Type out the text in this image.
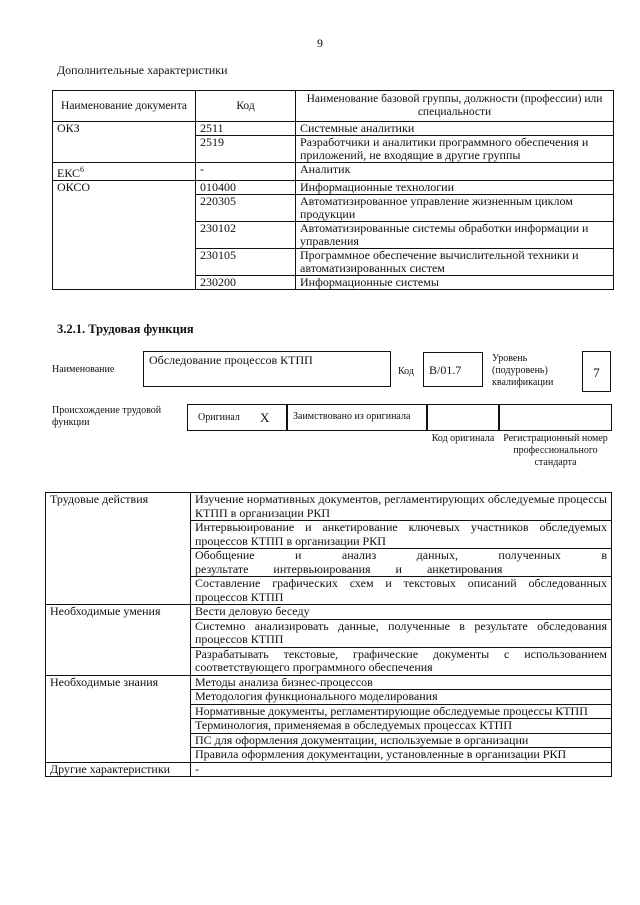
9
Дополнительные характеристики
Наименование документа	Код	Наименование базовой группы, должности (профессии) или специальности
ОКЗ	2511	Системные аналитики
	2519	Разработчики и аналитики программного обеспечения и приложений, не входящие в другие группы
ЕКС$^6$	-	Аналитик
ОКСО	010400	Информационные технологии
	220305	Автоматизированное управление жизненным циклом продукции
	230102	Автоматизированные системы обработки информации и управления
	230105	Программное обеспечение вычислительной техники и автоматизированных систем
	230200	Информационные системы
3.2.1. Трудовая функция
Наименование
Обследование процессов КТПП
Код	B/01.7
Уровень (подуровень) квалификации
7
Происхождение трудовой функции	Оригинал X	Заимствовано из оригинала
Код оригинала Регистрационный номер профессионального стандарта
Трудовые действия	Изучение нормативных документов, регламентирующих обследуемые процессы КТПП в организации РКП
	Интервьюирование и анкетирование ключевых участников обследуемых процессов КТПП в организации РКП
	Обобщение и анализ данных, полученных в результате интервьюирования и анкетирования
	Составление графических схем и текстовых описаний обследованных процессов КТПП
Необходимые умения	Вести деловую беседу
	Системно анализировать данные, полученные в результате обследования процессов КТПП
	Разрабатывать текстовые, графические документы с использованием соответствующего программного обеспечения
Необходимые знания	Методы анализа бизнес-процессов
	Методология функционального моделирования
	Нормативные документы, регламентирующие обследуемые процессы КТПП
	Терминология, применяемая в обследуемых процессах КТПП
	ПС для оформления документации, используемые в организации
	Правила оформления документации, установленные в организации РКП
Другие характеристики	-
